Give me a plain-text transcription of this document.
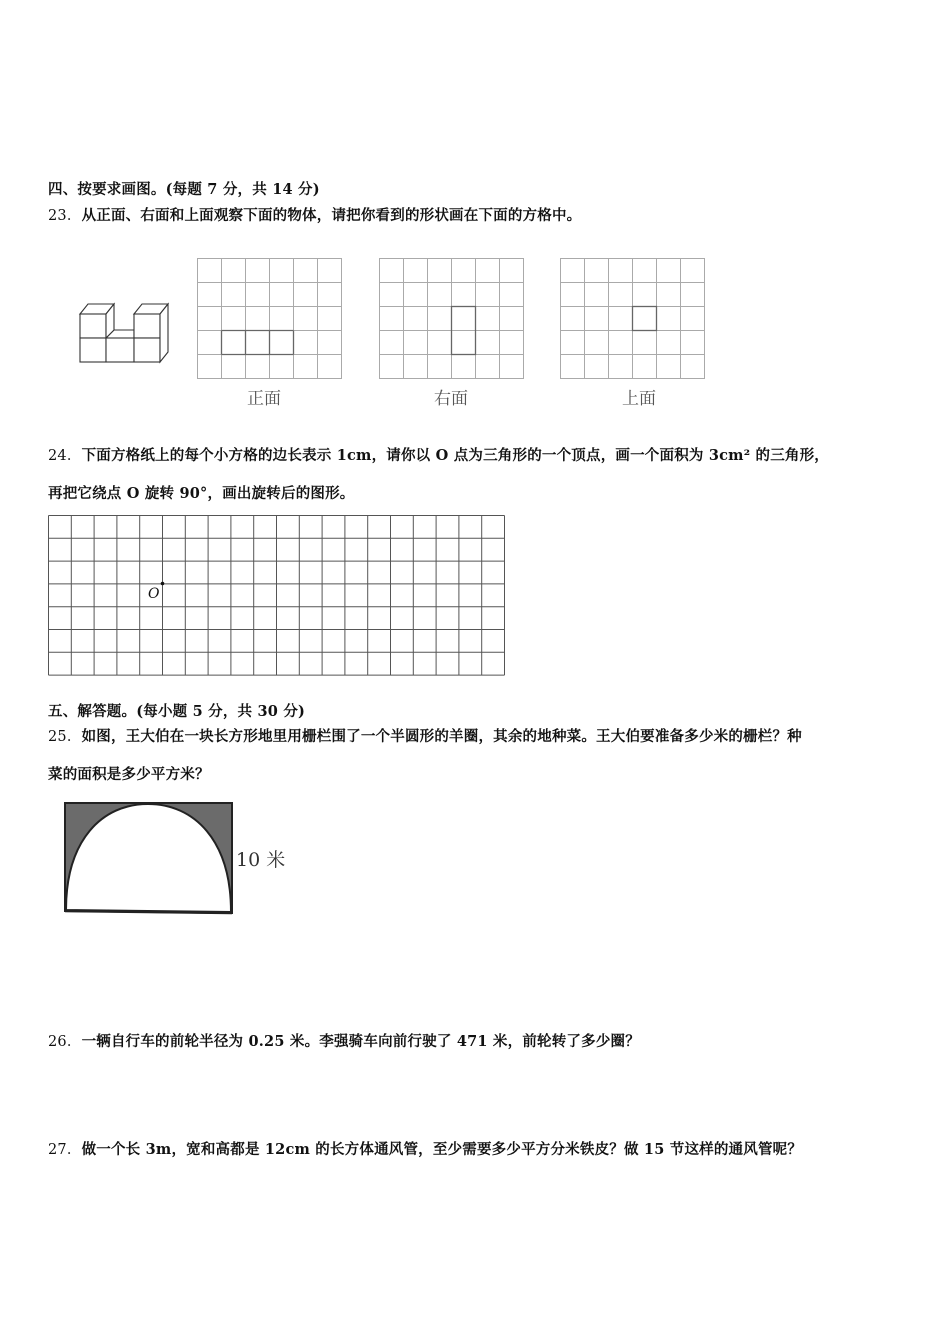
四、按要求画图。(每题 7 分，共 14 分)
23．从正面、右面和上面观察下面的物体，请把你看到的形状画在下面的方格中。
正面	右面	上面
24．下面方格纸上的每个小方格的边长表示 1cm，请你以 O 点为三角形的一个顶点，画一个面积为 3cm² 的三角形，
再把它绕点 O 旋转 90°，画出旋转后的图形。
O
五、解答题。(每小题 5 分，共 30 分)
25．如图，王大伯在一块长方形地里用栅栏围了一个半圆形的羊圈，其余的地种菜。王大伯要准备多少米的栅栏？种
菜的面积是多少平方米？
10 米
26．一辆自行车的前轮半径为 0.25 米。李强骑车向前行驶了 471 米，前轮转了多少圈？
27．做一个长 3m，宽和高都是 12cm 的长方体通风管，至少需要多少平方分米铁皮？做 15 节这样的通风管呢？
